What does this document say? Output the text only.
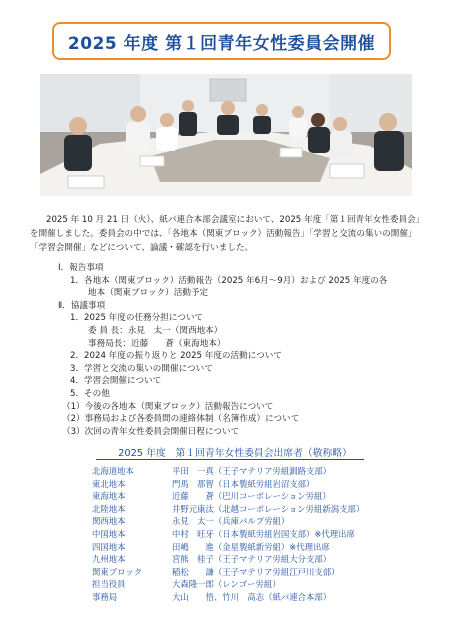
2025 年度 第１回青年女性委員会開催

2025 年 10 月 21 日（火）、紙パ連合本部会議室において、2025 年度「第１回青年女性委員会」を開催しました。委員会の中では、「各地本（関東ブロック）活動報告」「学習と交流の集いの開催」「学習会開催」などについて、論議・確認を行いました。

Ⅰ．報告事項
1．各地本（関東ブロック）活動報告（2025 年6月～9月）および 2025 年度の各
地本（関東ブロック）活動予定
Ⅱ．協議事項
1．2025 年度の任務分担について
委 員 長：永見　太一（関西地本）
事務局長：近藤　　蒼（東海地本）
2．2024 年度の振り返りと 2025 年度の活動について
3．学習と交流の集いの開催について
4．学習会開催について
5．その他
（1）今後の各地本（関東ブロック）活動報告について
（2）事務局および各委員間の連絡体制（名簿作成）について
（3）次回の青年女性委員会開催日程について
2025 年度　第１回青年女性委員会出席者（敬称略）
北海道地本	平田　一真（王子マテリア労組釧路支部）
東北地本	門馬　那智（日本製紙労組岩沼支部）
東海地本	近藤　　蒼（巴川コーポレーション労組）
北陸地本	井野元康汰（北越コーポレーション労組新潟支部）
関西地本	永見　太一（兵庫パルプ労組）
中国地本	中村　旺牙（日本製紙労組岩国支部）※代理出席
四国地本	田嶋　　進（金星製紙新労組）※代理出席
九州地本	宮熊　桂子（王子マテリア労組大分支部）
関東ブロック	稲松　　謙（王子マテリア労組江戸川支部）
担当役員	大森隆一郎（レンゴー労組）
事務局	大山　　悟、竹川　高志（紙パ連合本部）
